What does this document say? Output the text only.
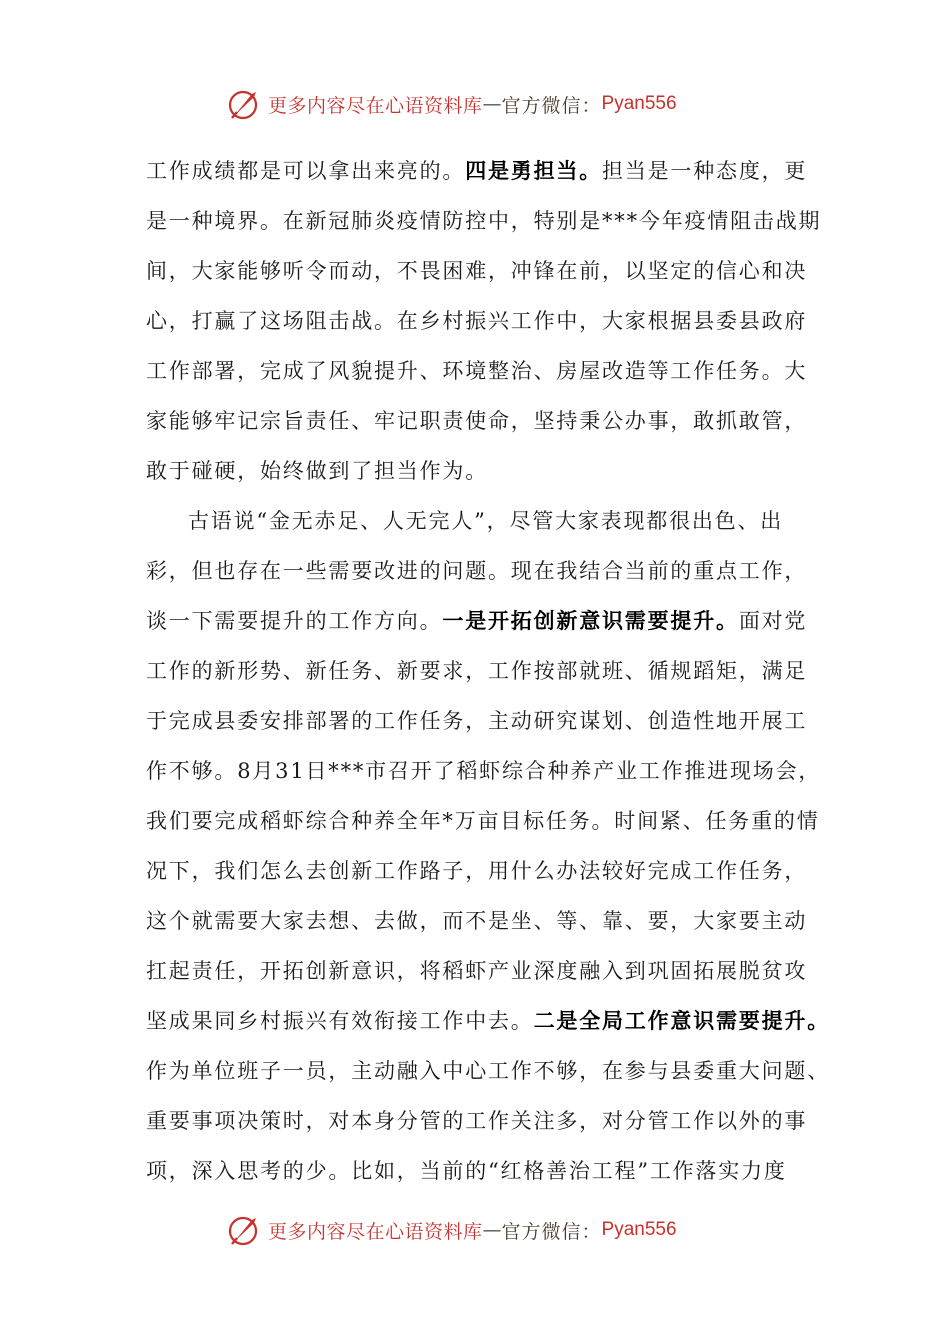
更多内容尽在心语资料库 — 官方微信： Pyan556
工作成绩都是可以拿出来亮的。四是勇担当。担当是一种态度，更
是一种境界。在新冠肺炎疫情防控中，特别是***今年疫情阻击战期
间，大家能够听令而动，不畏困难，冲锋在前，以坚定的信心和决
心，打赢了这场阻击战。在乡村振兴工作中，大家根据县委县政府
工作部署，完成了风貌提升、环境整治、房屋改造等工作任务。大
家能够牢记宗旨责任、牢记职责使命，坚持秉公办事，敢抓敢管，
敢于碰硬，始终做到了担当作为。
古语说“金无赤足、人无完人”，尽管大家表现都很出色、出
彩，但也存在一些需要改进的问题。现在我结合当前的重点工作，
谈一下需要提升的工作方向。一是开拓创新意识需要提升。面对党
工作的新形势、新任务、新要求，工作按部就班、循规蹈矩，满足
于完成县委安排部署的工作任务，主动研究谋划、创造性地开展工
作不够。8月31日***市召开了稻虾综合种养产业工作推进现场会，
我们要完成稻虾综合种养全年*万亩目标任务。时间紧、任务重的情
况下，我们怎么去创新工作路子，用什么办法较好完成工作任务，
这个就需要大家去想、去做，而不是坐、等、靠、要，大家要主动
扛起责任，开拓创新意识，将稻虾产业深度融入到巩固拓展脱贫攻
坚成果同乡村振兴有效衔接工作中去。二是全局工作意识需要提升。
作为单位班子一员，主动融入中心工作不够，在参与县委重大问题、
重要事项决策时，对本身分管的工作关注多，对分管工作以外的事
项，深入思考的少。比如，当前的“红格善治工程”工作落实力度
更多内容尽在心语资料库 — 官方微信： Pyan556
